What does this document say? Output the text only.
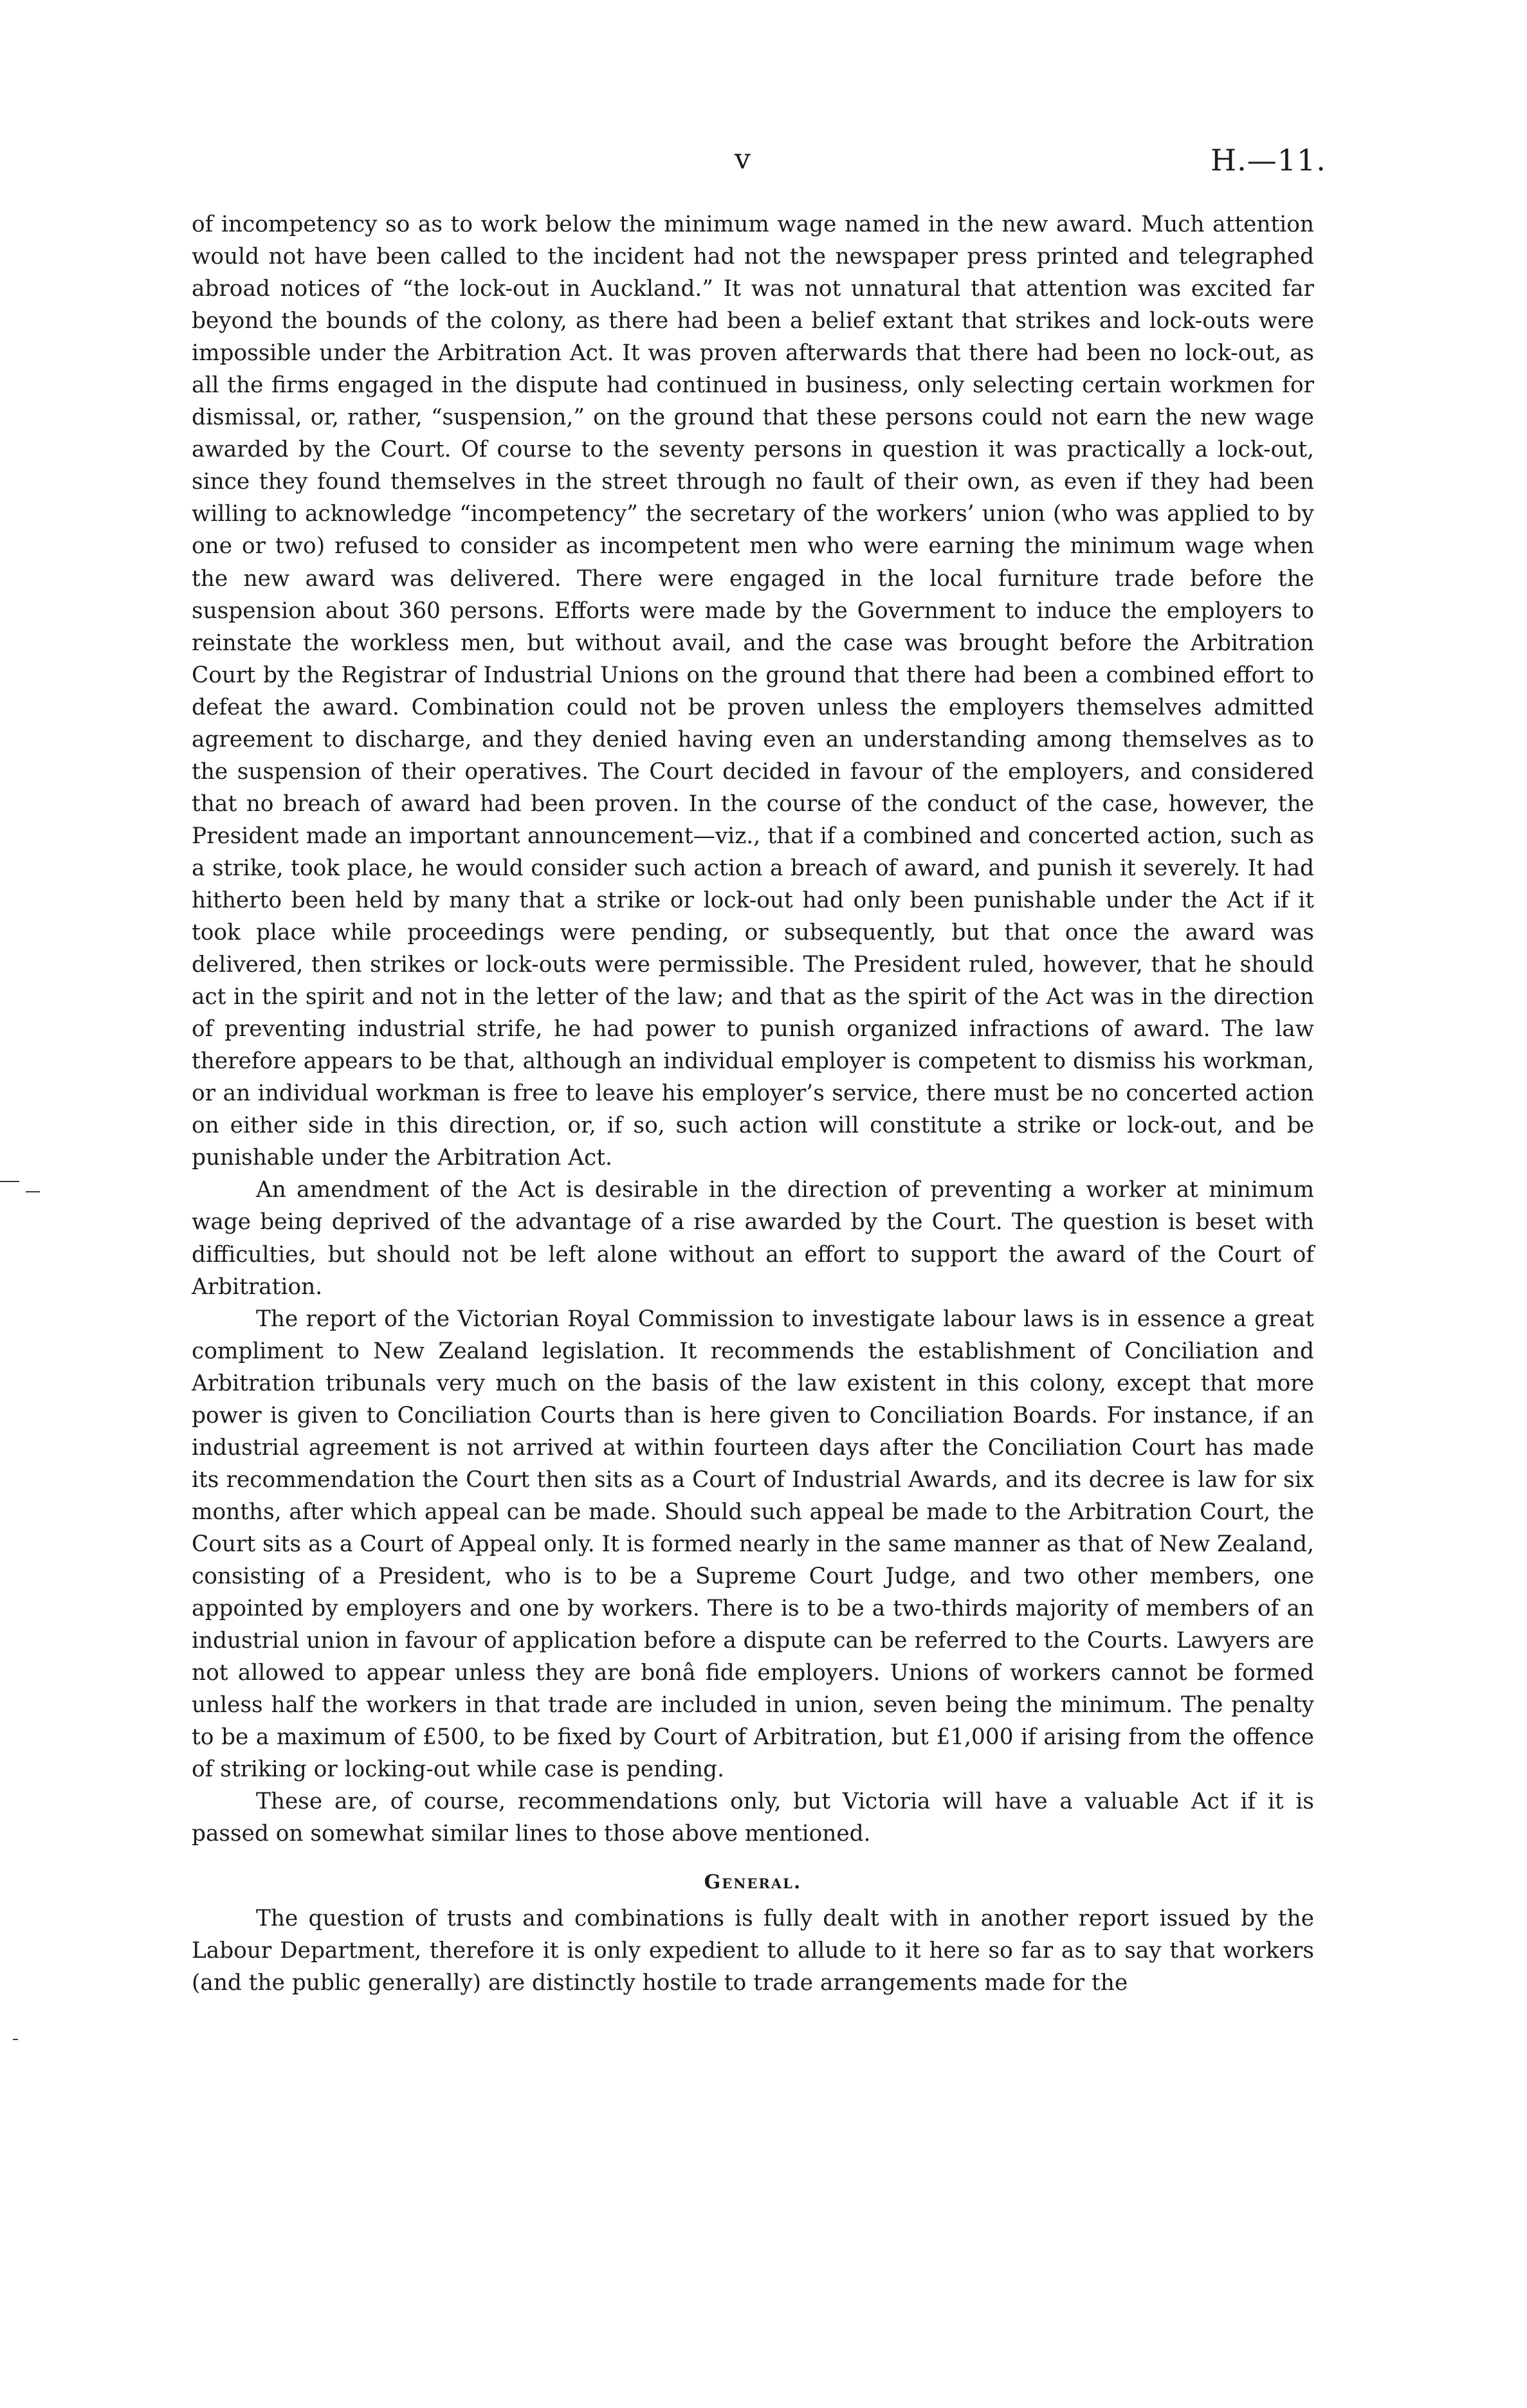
v	H.—11.

of incompetency so as to work below the minimum wage named in the new award. Much attention would not have been called to the incident had not the newspaper press printed and telegraphed abroad notices of “the lock-out in Auckland.” It was not unnatural that attention was excited far beyond the bounds of the colony, as there had been a belief extant that strikes and lock-outs were impossible under the Arbitration Act. It was proven afterwards that there had been no lock-out, as all the firms engaged in the dispute had continued in business, only selecting certain workmen for dismissal, or, rather, “suspension,” on the ground that these persons could not earn the new wage awarded by the Court. Of course to the seventy persons in question it was practically a lock-out, since they found themselves in the street through no fault of their own, as even if they had been willing to acknowledge “incompetency” the secretary of the workers’ union (who was applied to by one or two) refused to consider as incompetent men who were earning the minimum wage when the new award was delivered. There were engaged in the local furniture trade before the suspension about 360 persons. Efforts were made by the Government to induce the employers to reinstate the workless men, but without avail, and the case was brought before the Arbitration Court by the Registrar of Industrial Unions on the ground that there had been a combined effort to defeat the award. Combination could not be proven unless the employers themselves admitted agreement to discharge, and they denied having even an understanding among themselves as to the suspension of their operatives. The Court decided in favour of the employers, and considered that no breach of award had been proven. In the course of the conduct of the case, however, the President made an important announcement—viz., that if a combined and concerted action, such as a strike, took place, he would consider such action a breach of award, and punish it severely. It had hitherto been held by many that a strike or lock-out had only been punishable under the Act if it took place while proceedings were pending, or subsequently, but that once the award was delivered, then strikes or lock-outs were permissible. The President ruled, however, that he should act in the spirit and not in the letter of the law; and that as the spirit of the Act was in the direction of preventing industrial strife, he had power to punish organized infractions of award. The law therefore appears to be that, although an individual employer is competent to dismiss his workman, or an individual workman is free to leave his employer’s service, there must be no concerted action on either side in this direction, or, if so, such action will constitute a strike or lock-out, and be punishable under the Arbitration Act.

An amendment of the Act is desirable in the direction of preventing a worker at minimum wage being deprived of the advantage of a rise awarded by the Court. The question is beset with difficulties, but should not be left alone without an effort to support the award of the Court of Arbitration.

The report of the Victorian Royal Commission to investigate labour laws is in essence a great compliment to New Zealand legislation. It recommends the establishment of Conciliation and Arbitration tribunals very much on the basis of the law existent in this colony, except that more power is given to Conciliation Courts than is here given to Conciliation Boards. For instance, if an industrial agreement is not arrived at within fourteen days after the Conciliation Court has made its recommendation the Court then sits as a Court of Industrial Awards, and its decree is law for six months, after which appeal can be made. Should such appeal be made to the Arbitration Court, the Court sits as a Court of Appeal only. It is formed nearly in the same manner as that of New Zealand, consisting of a President, who is to be a Supreme Court Judge, and two other members, one appointed by employers and one by workers. There is to be a two-thirds majority of members of an industrial union in favour of application before a dispute can be referred to the Courts. Lawyers are not allowed to appear unless they are bonâ fide employers. Unions of workers cannot be formed unless half the workers in that trade are included in union, seven being the minimum. The penalty to be a maximum of £500, to be fixed by Court of Arbitration, but £1,000 if arising from the offence of striking or locking-out while case is pending.

These are, of course, recommendations only, but Victoria will have a valuable Act if it is passed on somewhat similar lines to those above mentioned.

General.

The question of trusts and combinations is fully dealt with in another report issued by the Labour Department, therefore it is only expedient to allude to it here so far as to say that workers (and the public generally) are distinctly hostile to trade arrangements made for the
